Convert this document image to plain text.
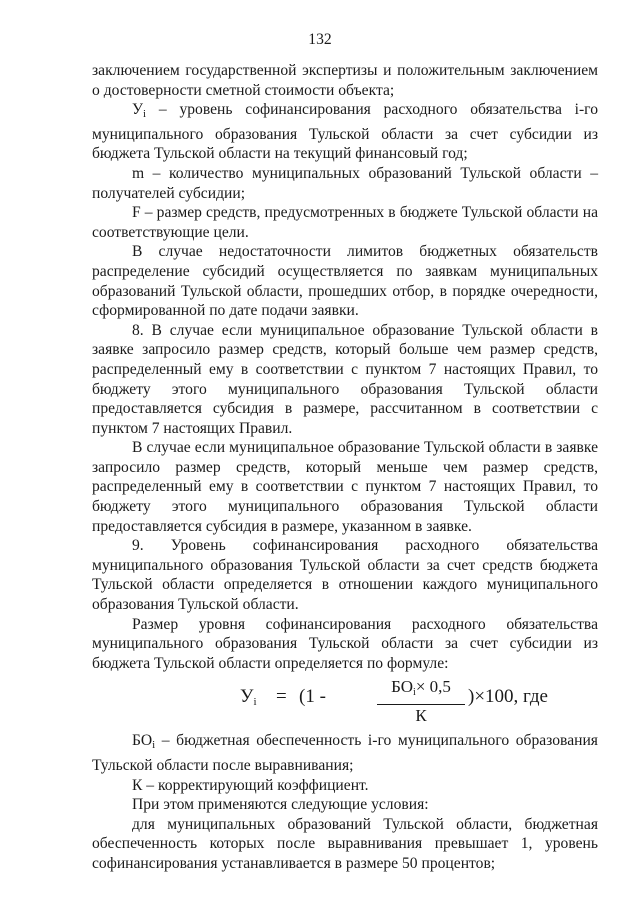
132

заключением государственной экспертизы и положительным заключением о достоверности сметной стоимости объекта;

Уi – уровень софинансирования расходного обязательства i-го муниципального образования Тульской области за счет субсидии из бюджета Тульской области на текущий финансовый год;

m – количество муниципальных образований Тульской области – получателей субсидии;

F – размер средств, предусмотренных в бюджете Тульской области на соответствующие цели.

В случае недостаточности лимитов бюджетных обязательств распределение субсидий осуществляется по заявкам муниципальных образований Тульской области, прошедших отбор, в порядке очередности, сформированной по дате подачи заявки.

8. В случае если муниципальное образование Тульской области в заявке запросило размер средств, который больше чем размер средств, распределенный ему в соответствии с пунктом 7 настоящих Правил, то бюджету этого муниципального образования Тульской области предоставляется субсидия в размере, рассчитанном в соответствии с пунктом 7 настоящих Правил.

В случае если муниципальное образование Тульской области в заявке запросило размер средств, который меньше чем размер средств, распределенный ему в соответствии с пунктом 7 настоящих Правил, то бюджету этого муниципального образования Тульской области предоставляется субсидия в размере, указанном в заявке.

9. Уровень софинансирования расходного обязательства муниципального образования Тульской области за счет средств бюджета Тульской области определяется в отношении каждого муниципального образования Тульской области.

Размер уровня софинансирования расходного обязательства муниципального образования Тульской области за счет субсидии из бюджета Тульской области определяется по формуле:

$У_i = (1$ -	$БО_i\times 0,5$
К
)×100, где

БОi – бюджетная обеспеченность i-го муниципального образования Тульской области после выравнивания;

К – корректирующий коэффициент.

При этом применяются следующие условия:

для муниципальных образований Тульской области, бюджетная обеспеченность которых после выравнивания превышает 1, уровень софинансирования устанавливается в размере 50 процентов;
